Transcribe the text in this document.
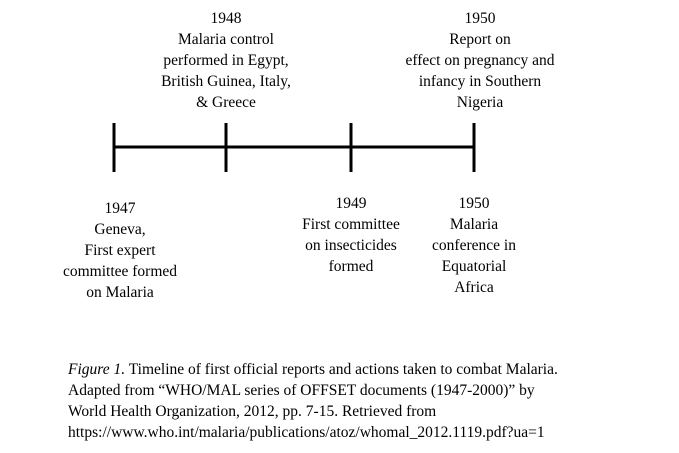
1948
Malaria control
performed in Egypt,
British Guinea, Italy,
& Greece
1950
Report on
effect on pregnancy and
infancy in Southern
Nigeria
1947
Geneva,
First expert
committee formed
on Malaria
1949
First committee
on insecticides
formed
1950
Malaria
conference in
Equatorial
Africa
Figure 1. Timeline of first official reports and actions taken to combat Malaria.
Adapted from “WHO/MAL series of OFFSET documents (1947-2000)” by
World Health Organization, 2012, pp. 7-15. Retrieved from
https://www.who.int/malaria/publications/atoz/whomal_2012.1119.pdf?ua=1
